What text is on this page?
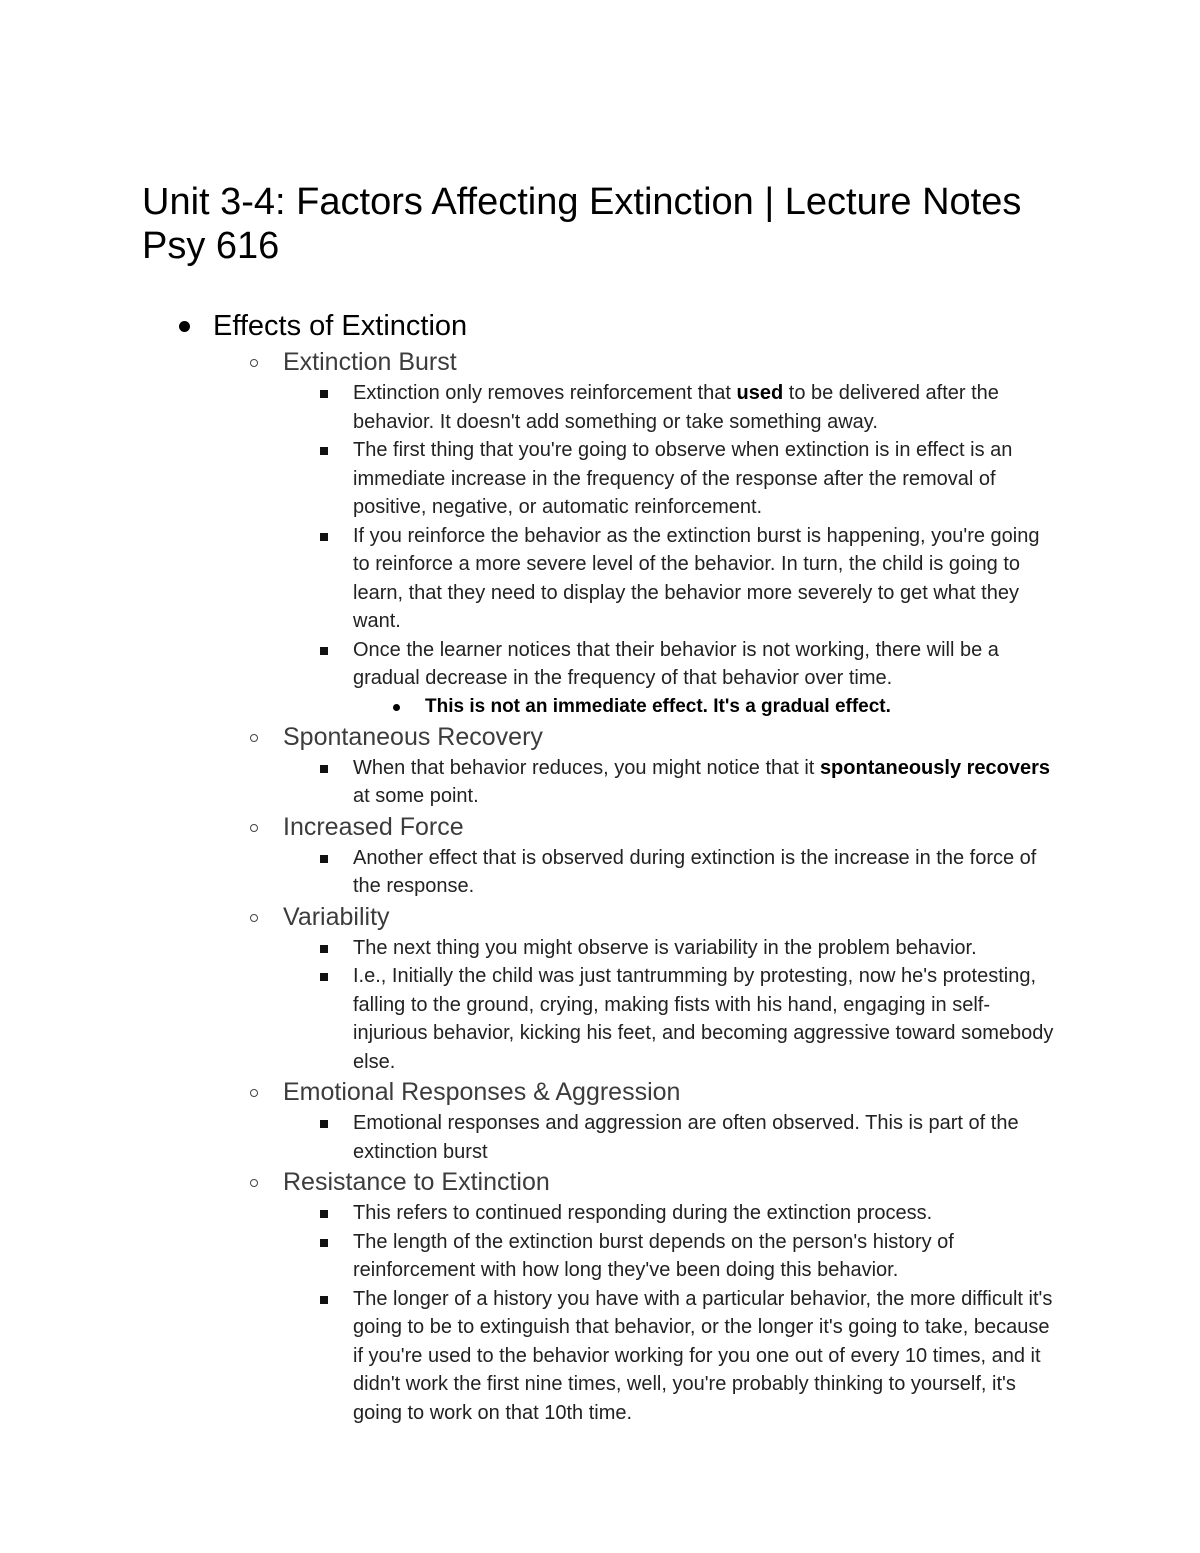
Unit 3-4: Factors Affecting Extinction | Lecture Notes Psy 616
Effects of Extinction
Extinction Burst
Extinction only removes reinforcement that used to be delivered after the behavior. It doesn't add something or take something away.
The first thing that you're going to observe when extinction is in effect is an immediate increase in the frequency of the response after the removal of positive, negative, or automatic reinforcement.
If you reinforce the behavior as the extinction burst is happening, you're going to reinforce a more severe level of the behavior. In turn, the child is going to learn, that they need to display the behavior more severely to get what they want.
Once the learner notices that their behavior is not working, there will be a gradual decrease in the frequency of that behavior over time.
This is not an immediate effect. It's a gradual effect.
Spontaneous Recovery
When that behavior reduces, you might notice that it spontaneously recovers at some point.
Increased Force
Another effect that is observed during extinction is the increase in the force of the response.
Variability
The next thing you might observe is variability in the problem behavior.
I.e., Initially the child was just tantrumming by protesting, now he's protesting, falling to the ground, crying, making fists with his hand, engaging in self-injurious behavior, kicking his feet, and becoming aggressive toward somebody else.
Emotional Responses & Aggression
Emotional responses and aggression are often observed. This is part of the extinction burst
Resistance to Extinction
This refers to continued responding during the extinction process.
The length of the extinction burst depends on the person's history of reinforcement with how long they've been doing this behavior.
The longer of a history you have with a particular behavior, the more difficult it's going to be to extinguish that behavior, or the longer it's going to take, because if you're used to the behavior working for you one out of every 10 times, and it didn't work the first nine times, well, you're probably thinking to yourself, it's going to work on that 10th time.
